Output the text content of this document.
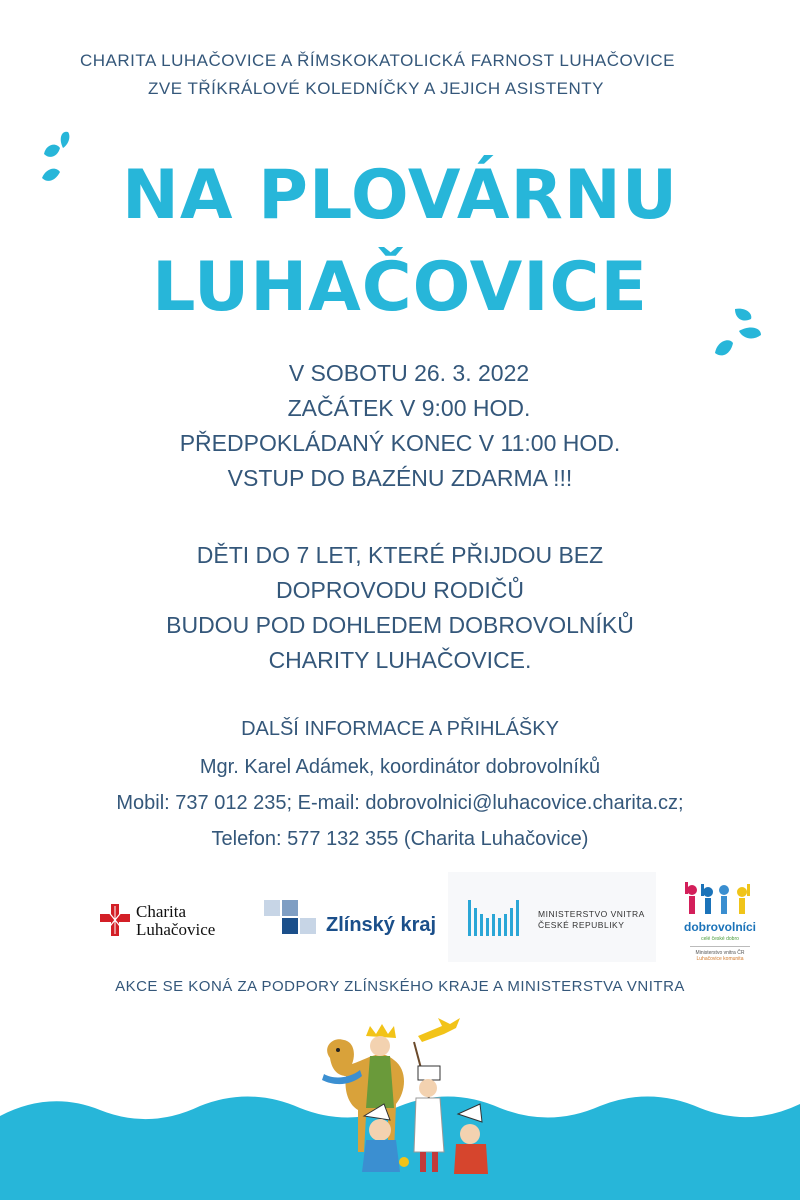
CHARITA LUHAČOVICE A ŘÍMSKOKATOLICKÁ FARNOST LUHAČOVICE
ZVE TŘÍKRÁLOVÉ KOLEDNÍČKY A JEJICH ASISTENTY
NA PLOVÁRNU
LUHAČOVICE
V SOBOTU 26. 3. 2022
ZAČÁTEK V 9:00 HOD.
PŘEDPOKLÁDANÝ KONEC V 11:00 HOD.
VSTUP DO BAZÉNU ZDARMA !!!
DĚTI DO 7 LET, KTERÉ PŘIJDOU BEZ
DOPROVODU RODIČŮ
BUDOU POD DOHLEDEM DOBROVOLNÍKŮ
CHARITY LUHAČOVICE.
DALŠÍ INFORMACE A PŘIHLÁŠKY
Mgr. Karel Adámek, koordinátor dobrovolníků
Mobil: 737 012 235; E-mail: dobrovolnici@luhacovice.charita.cz;
Telefon: 577 132 355 (Charita Luhačovice)
Charita
Luhačovice	Zlínský kraj	MINISTERSTVO VNITRA
ČESKÉ REPUBLIKY	dobrovolníci
celé české dobro
Ministerstvo vnitra ČR
Luhačovice komunita
AKCE SE KONÁ ZA PODPORY ZLÍNSKÉHO KRAJE A MINISTERSTVA VNITRA
